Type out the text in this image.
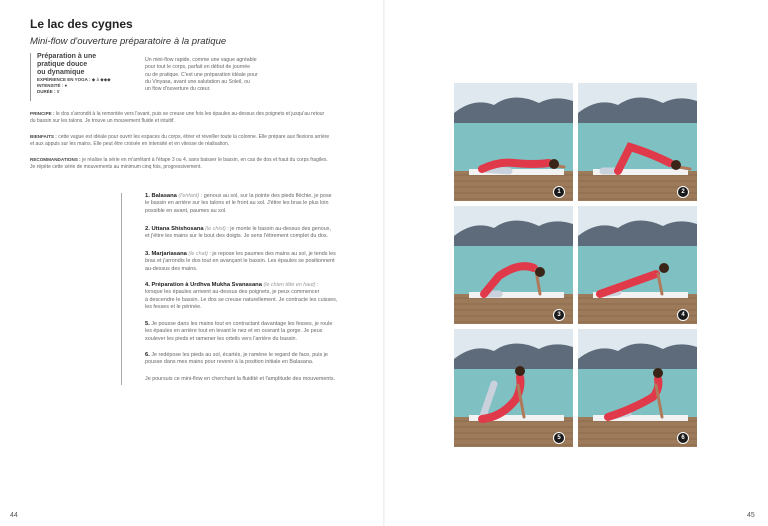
Le lac des cygnes
Mini-flow d'ouverture préparatoire à la pratique
Préparation à une
pratique douce
ou dynamique
EXPÉRIENCE EN YOGA : ◆ à ◆◆◆
INTENSITÉ : ●
DURÉE : 5'
Un mini-flow rapide, comme une vague agréable
pour tout le corps, parfait en début de journée
ou de pratique. C'est une préparation idéale pour
du Vinyasa, avant une salutation au Soleil, ou
un flow d'ouverture du cœur.
PRINCIPE : le dos s'arrondit à la remontée vers l'avant, puis se creuse une fois les épaules au-dessus des poignets et jusqu'au retour
du bassin sur les talons. Je trouve un mouvement fluide et intuitif.
BIENFAITS : cette vague est idéale pour ouvrir les espaces du corps, étirer et réveiller toute la colonne. Elle prépare aux flexions arrière
et aux appuis sur les mains. Elle peut être croisée en intensité et en vitesse de réalisation.
RECOMMANDATIONS : je réalise la série en m'arrêtant à l'étape 3 ou 4, sans baisser le bassin, en cas de dos et haut du corps fragiles.
Je répète cette série de mouvements au minimum cinq fois, progressivement.
1. Balasana (l'enfant) : genoux au sol, sur la pointe des pieds fléchie, je pose
le bassin en arrière sur les talons et le front au sol. J'étire les bras le plus loin
possible en avant, paumes au sol.
2. Uttana Shishosana (le chiot) : je monte le bassin au-dessus des genoux,
et j'étire les mains sur le bout des doigts. Je sens l'étirement complet du dos.
3. Marjariasana (le chat) : je repose les paumes des mains au sol, je tends les
bras et j'arrondis le dos tout en avançant le bassin. Les épaules se positionnent
au-dessus des mains.
4. Préparation à Urdhva Mukha Svanasana (le chien tête en haut) :
lorsque les épaules arrivent au-dessus des poignets, je peux commencer
à descendre le bassin. Le dos se creuse naturellement. Je contracte les cuisses,
les fesses et le périnée.
5. Je pousse dans les mains tout en contractant davantage les fesses, je roule
les épaules en arrière tout en levant le nez et en ouvrant la gorge. Je peux
soulever les pieds et ramener les orteils vers l'arrière du bassin.
6. Je redépose les pieds au sol, écartés, je ramène le regard de face, puis je
pousse dans mes mains pour revenir à la position initiale en Balasana.
Je poursuis ce mini-flow en cherchant la fluidité et l'amplitude des mouvements.
44	45
1	2
3	4
5	6
